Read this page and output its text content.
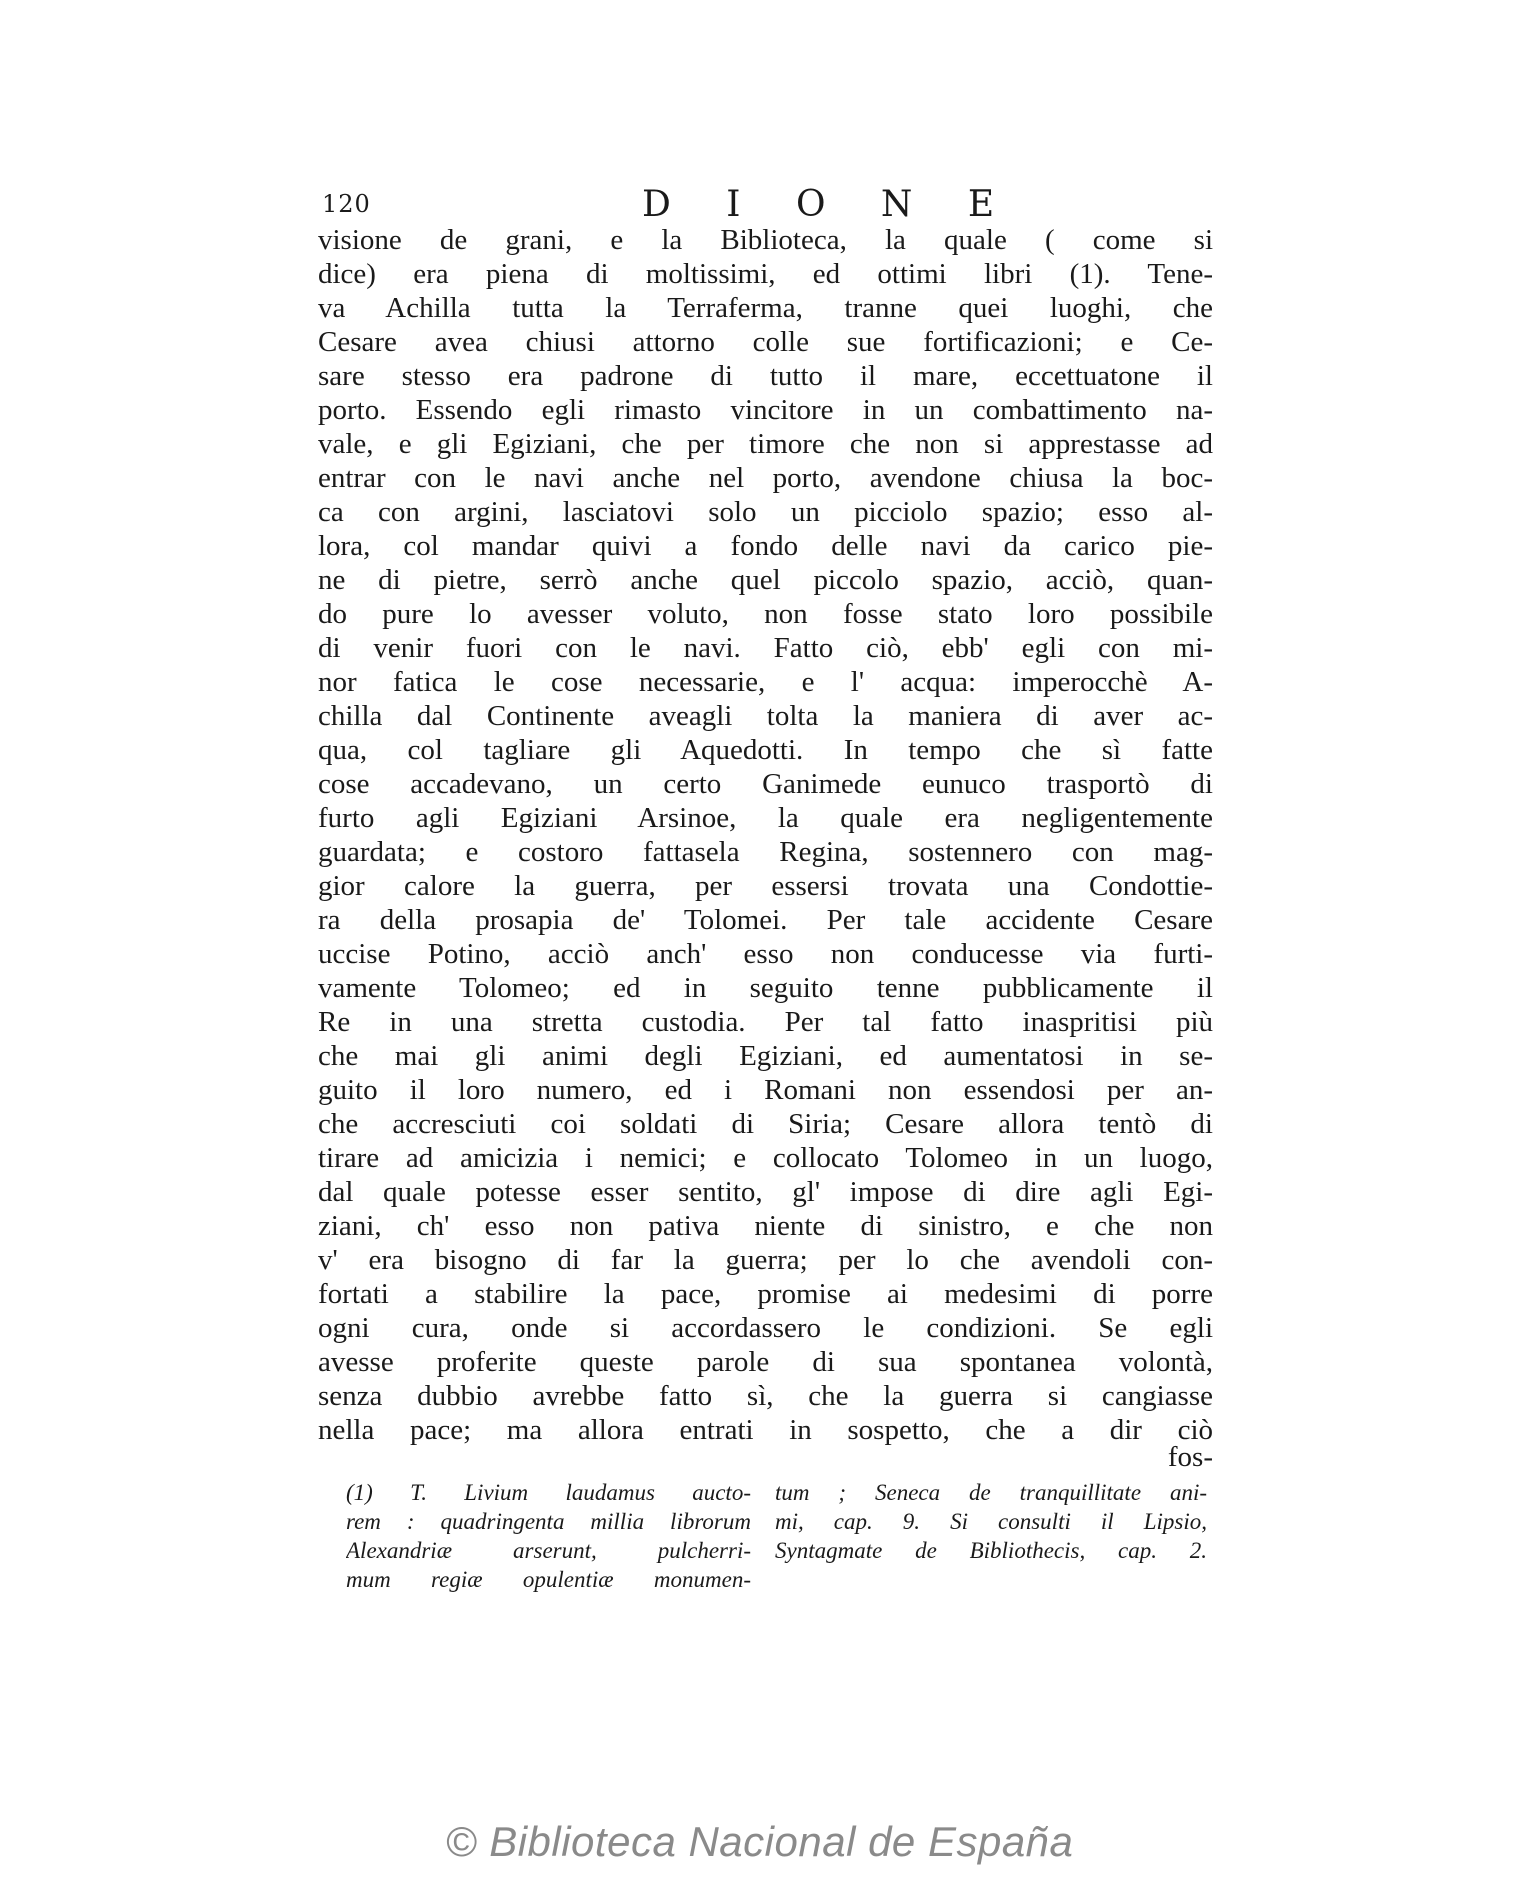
120	D I O N E
visione de grani, e la Biblioteca, la quale ( come si
dice) era piena di moltissimi, ed ottimi libri (1). Tene-
va Achilla tutta la Terraferma, tranne quei luoghi, che
Cesare avea chiusi attorno colle sue fortificazioni; e Ce-
sare stesso era padrone di tutto il mare, eccettuatone il
porto. Essendo egli rimasto vincitore in un combattimento na-
vale, e gli Egiziani, che per timore che non si apprestasse ad
entrar con le navi anche nel porto, avendone chiusa la boc-
ca con argini, lasciatovi solo un picciolo spazio; esso al-
lora, col mandar quivi a fondo delle navi da carico pie-
ne di pietre, serrò anche quel piccolo spazio, acciò, quan-
do pure lo avesser voluto, non fosse stato loro possibile
di venir fuori con le navi. Fatto ciò, ebb' egli con mi-
nor fatica le cose necessarie, e l' acqua: imperocchè A-
chilla dal Continente aveagli tolta la maniera di aver ac-
qua, col tagliare gli Aquedotti. In tempo che sì fatte
cose accadevano, un certo Ganimede eunuco trasportò di
furto agli Egiziani Arsinoe, la quale era negligentemente
guardata; e costoro fattasela Regina, sostennero con mag-
gior calore la guerra, per essersi trovata una Condottie-
ra della prosapia de' Tolomei. Per tale accidente Cesare
uccise Potino, acciò anch' esso non conducesse via furti-
vamente Tolomeo; ed in seguito tenne pubblicamente il
Re in una stretta custodia. Per tal fatto inaspritisi più
che mai gli animi degli Egiziani, ed aumentatosi in se-
guito il loro numero, ed i Romani non essendosi per an-
che accresciuti coi soldati di Siria; Cesare allora tentò di
tirare ad amicizia i nemici; e collocato Tolomeo in un luogo,
dal quale potesse esser sentito, gl' impose di dire agli Egi-
ziani, ch' esso non pativa niente di sinistro, e che non
v' era bisogno di far la guerra; per lo che avendoli con-
fortati a stabilire la pace, promise ai medesimi di porre
ogni cura, onde si accordassero le condizioni. Se egli
avesse proferite queste parole di sua spontanea volontà,
senza dubbio avrebbe fatto sì, che la guerra si cangiasse
nella pace; ma allora entrati in sospetto, che a dir ciò
fos-
(1) T. Livium laudamus aucto-
rem : quadringenta millia librorum
Alexandriæ arserunt, pulcherri-
mum regiæ opulentiæ monumen-
tum ; Seneca de tranquillitate ani-
mi, cap. 9. Si consulti il Lipsio,
Syntagmate de Bibliothecis, cap. 2.
© Biblioteca Nacional de España
